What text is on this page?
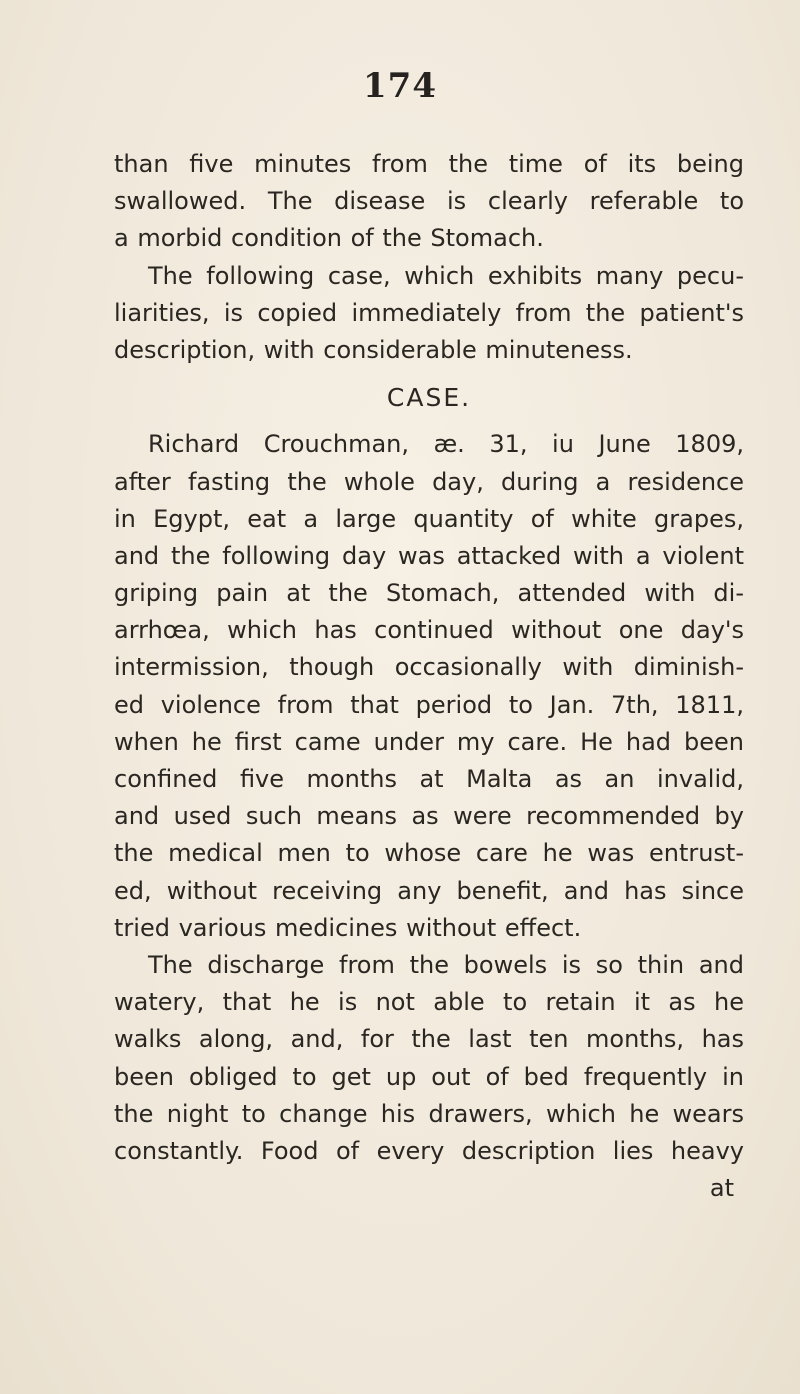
174
than five minutes from the time of its being
swallowed. The disease is clearly referable to
a morbid condition of the Stomach.
The following case, which exhibits many pecu-
liarities, is copied immediately from the patient's
description, with considerable minuteness.
CASE.
Richard Crouchman, æ. 31, iu June 1809,
after fasting the whole day, during a residence
in Egypt, eat a large quantity of white grapes,
and the following day was attacked with a violent
griping pain at the Stomach, attended with di-
arrhœa, which has continued without one day's
intermission, though occasionally with diminish-
ed violence from that period to Jan. 7th, 1811,
when he first came under my care. He had been
confined five months at Malta as an invalid,
and used such means as were recommended by
the medical men to whose care he was entrust-
ed, without receiving any benefit, and has since
tried various medicines without effect.
The discharge from the bowels is so thin and
watery, that he is not able to retain it as he
walks along, and, for the last ten months, has
been obliged to get up out of bed frequently in
the night to change his drawers, which he wears
constantly. Food of every description lies heavy
at
